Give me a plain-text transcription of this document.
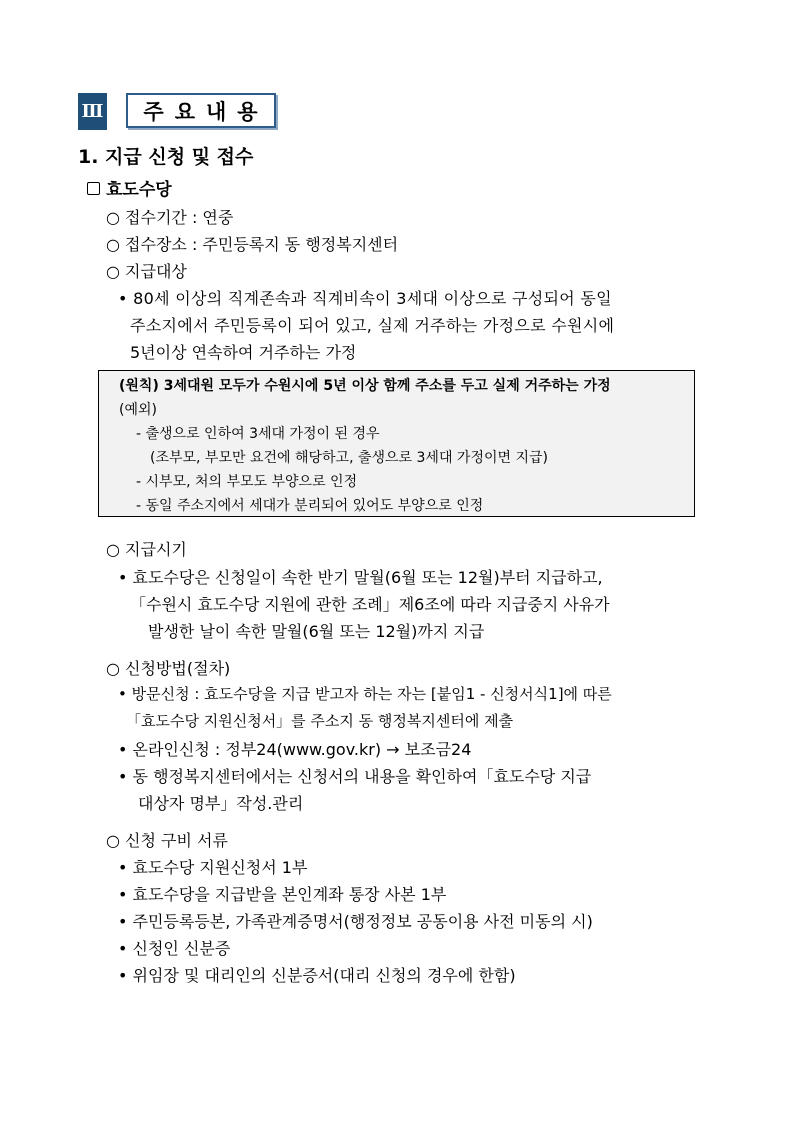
Ⅲ	주요내용
1. 지급 신청 및 접수
효도수당
○ 접수기간 : 연중
○ 접수장소 : 주민등록지 동 행정복지센터
○ 지급대상
• 80세 이상의 직계존속과 직계비속이 3세대 이상으로 구성되어 동일
주소지에서 주민등록이 되어 있고, 실제 거주하는 가정으로 수원시에
5년이상 연속하여 거주하는 가정
(원칙) 3세대원 모두가 수원시에 5년 이상 함께 주소를 두고 실제 거주하는 가정
(예외)
- 출생으로 인하여 3세대 가정이 된 경우
(조부모, 부모만 요건에 해당하고, 출생으로 3세대 가정이면 지급)
- 시부모, 처의 부모도 부양으로 인정
- 동일 주소지에서 세대가 분리되어 있어도 부양으로 인정
○ 지급시기
• 효도수당은 신청일이 속한 반기 말월(6월 또는 12월)부터 지급하고,
「수원시 효도수당 지원에 관한 조례」제6조에 따라 지급중지 사유가
발생한 날이 속한 말월(6월 또는 12월)까지 지급
○ 신청방법(절차)
• 방문신청 : 효도수당을 지급 받고자 하는 자는 [붙임1 - 신청서식1]에 따른
「효도수당 지원신청서」를 주소지 동 행정복지센터에 제출
• 온라인신청 : 정부24(www.gov.kr) → 보조금24
• 동 행정복지센터에서는 신청서의 내용을 확인하여「효도수당 지급
대상자 명부」작성.관리
○ 신청 구비 서류
• 효도수당 지원신청서 1부
• 효도수당을 지급받을 본인계좌 통장 사본 1부
• 주민등록등본, 가족관계증명서(행정정보 공동이용 사전 미동의 시)
• 신청인 신분증
• 위임장 및 대리인의 신분증서(대리 신청의 경우에 한함)
